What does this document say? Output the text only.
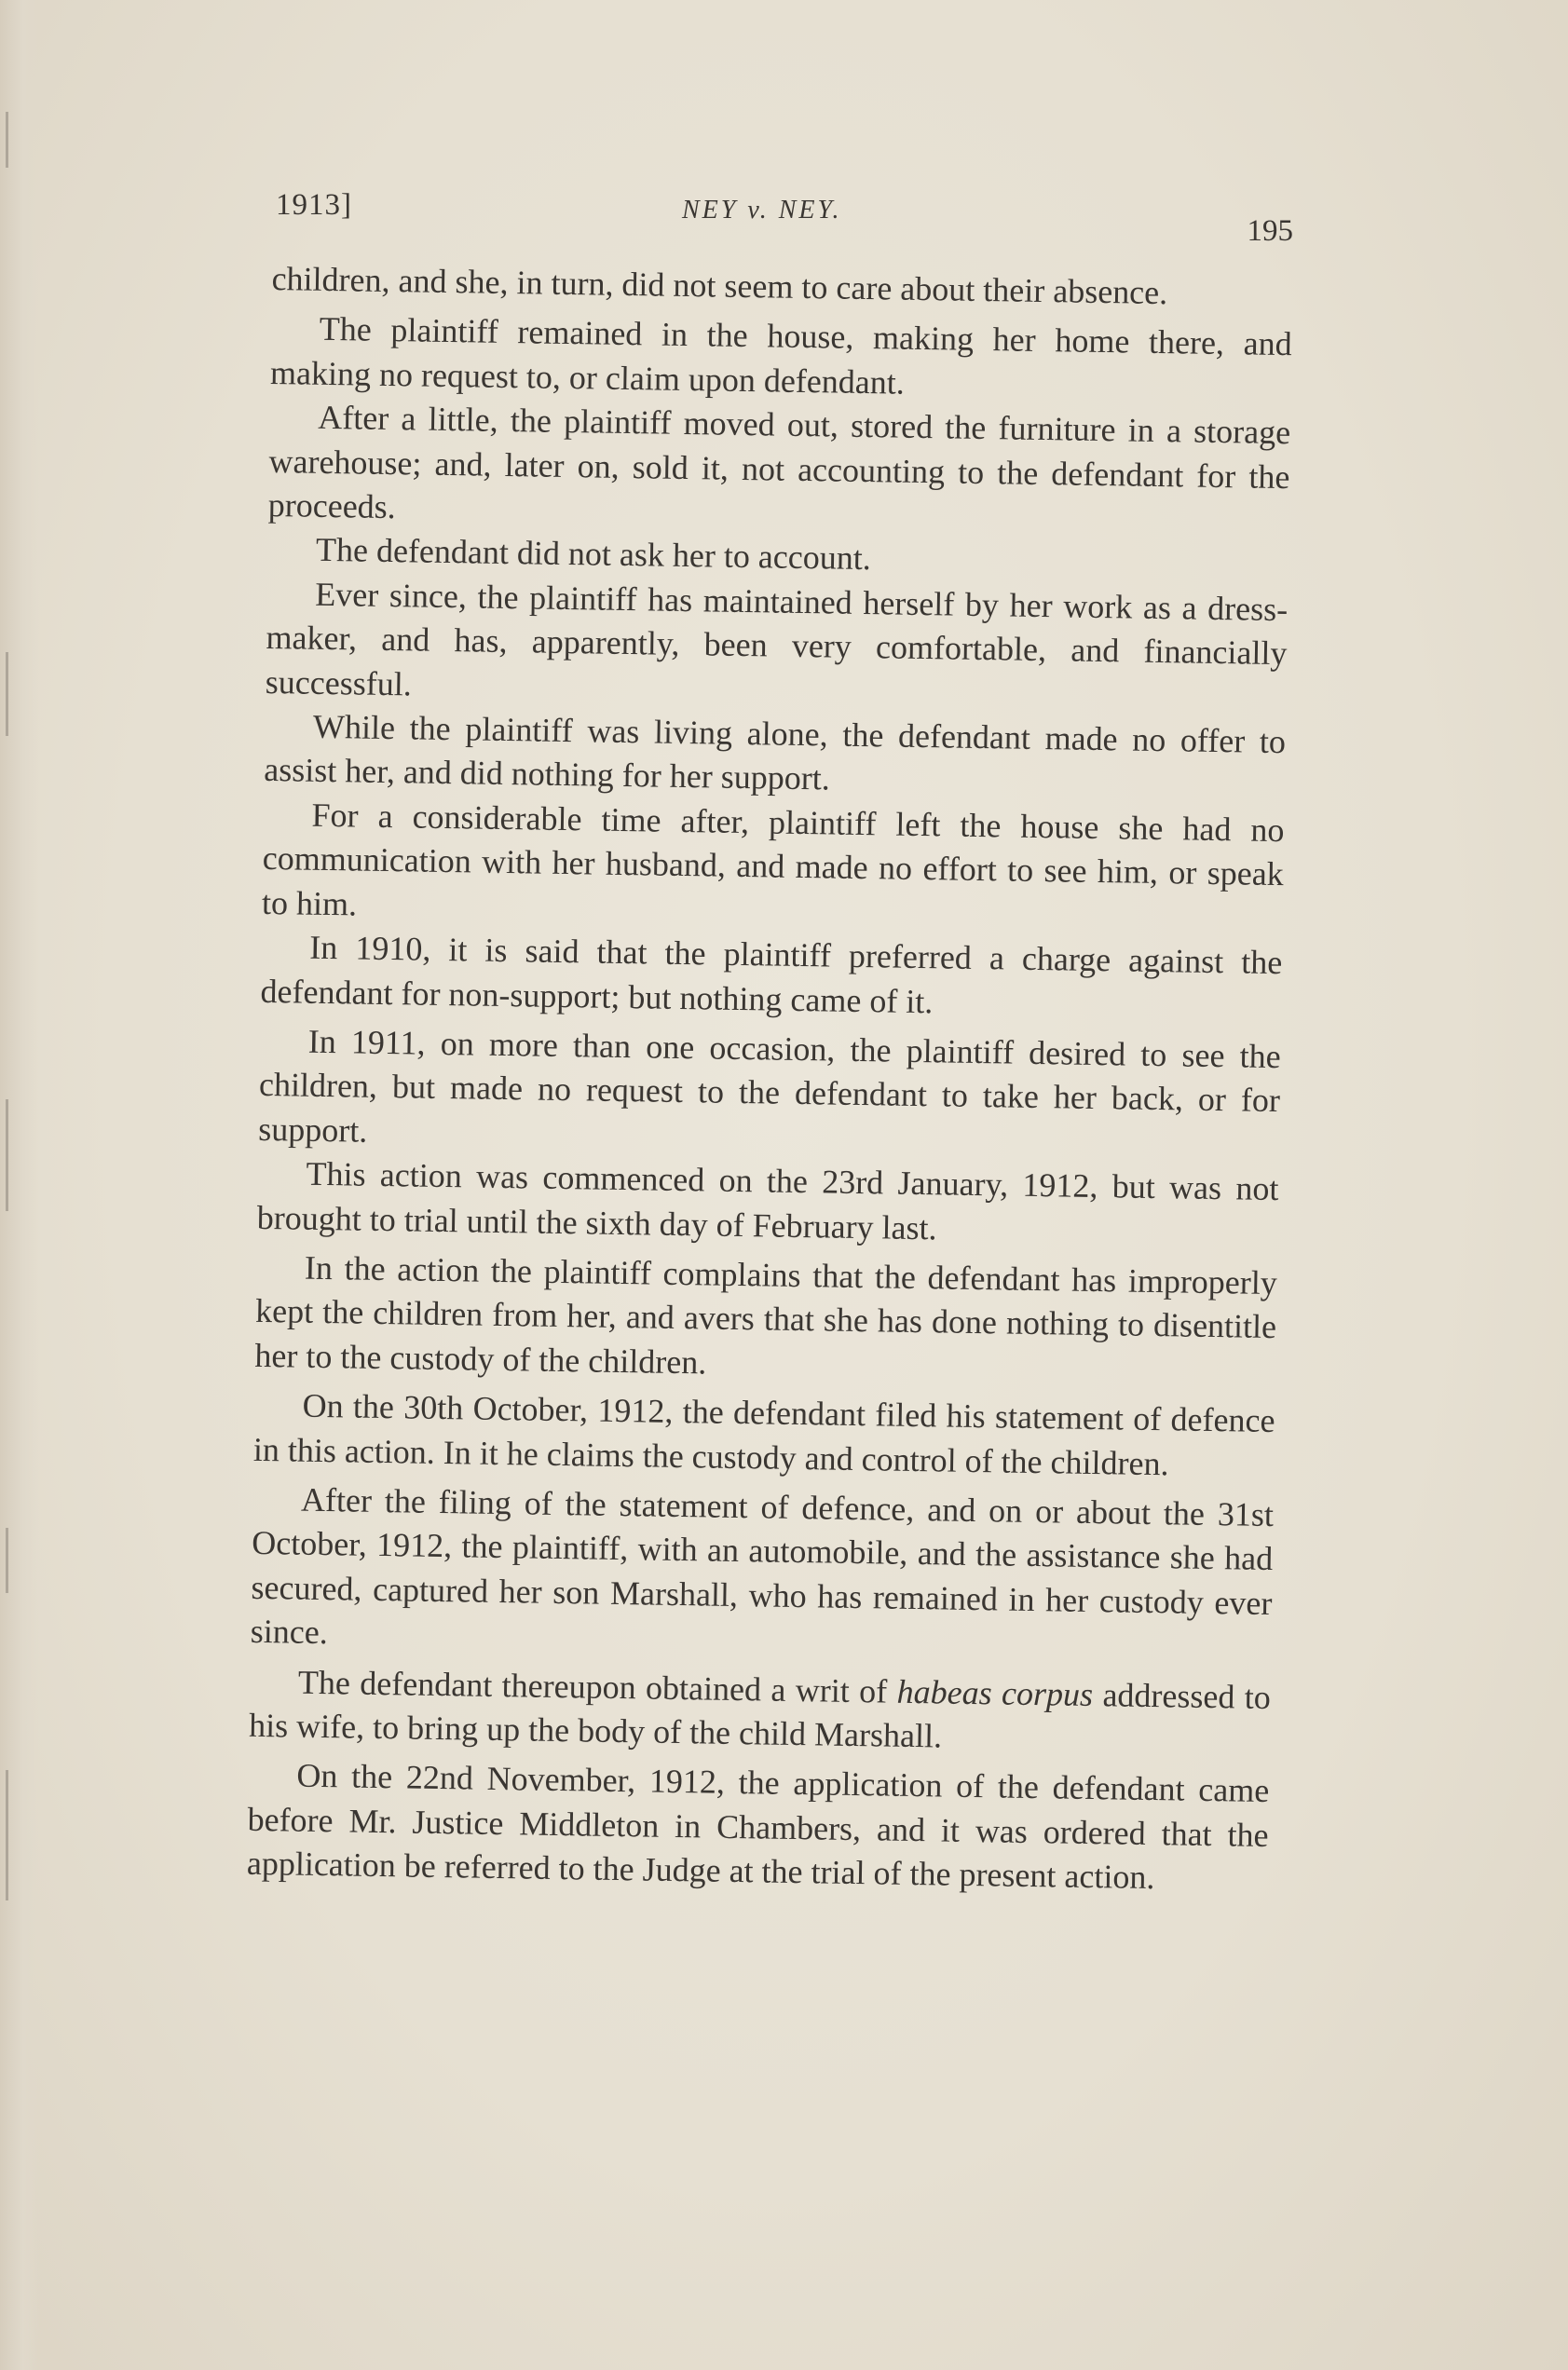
1913]	NEY v. NEY.
195

children, and she, in turn, did not seem to care about their absence.

The plaintiff remained in the house, making her home there, and making no request to, or claim upon defendant.

After a little, the plaintiff moved out, stored the furniture in a storage warehouse; and, later on, sold it, not accounting to the defendant for the proceeds.

The defendant did not ask her to account.

Ever since, the plaintiff has maintained herself by her work as a dress-maker, and has, apparently, been very comfortable, and financially successful.

While the plaintiff was living alone, the defendant made no offer to assist her, and did nothing for her support.

For a considerable time after, plaintiff left the house she had no communication with her husband, and made no effort to see him, or speak to him.

In 1910, it is said that the plaintiff preferred a charge against the defendant for non-support; but nothing came of it.

In 1911, on more than one occasion, the plaintiff desired to see the children, but made no request to the defendant to take her back, or for support.

This action was commenced on the 23rd January, 1912, but was not brought to trial until the sixth day of February last.

In the action the plaintiff complains that the defendant has improperly kept the children from her, and avers that she has done nothing to disentitle her to the custody of the children.

On the 30th October, 1912, the defendant filed his statement of defence in this action. In it he claims the custody and control of the children.

After the filing of the statement of defence, and on or about the 31st October, 1912, the plaintiff, with an automobile, and the assistance she had secured, captured her son Marshall, who has remained in her custody ever since.

The defendant thereupon obtained a writ of habeas corpus addressed to his wife, to bring up the body of the child Marshall.

On the 22nd November, 1912, the application of the defendant came before Mr. Justice Middleton in Chambers, and it was ordered that the application be referred to the Judge at the trial of the present action.
